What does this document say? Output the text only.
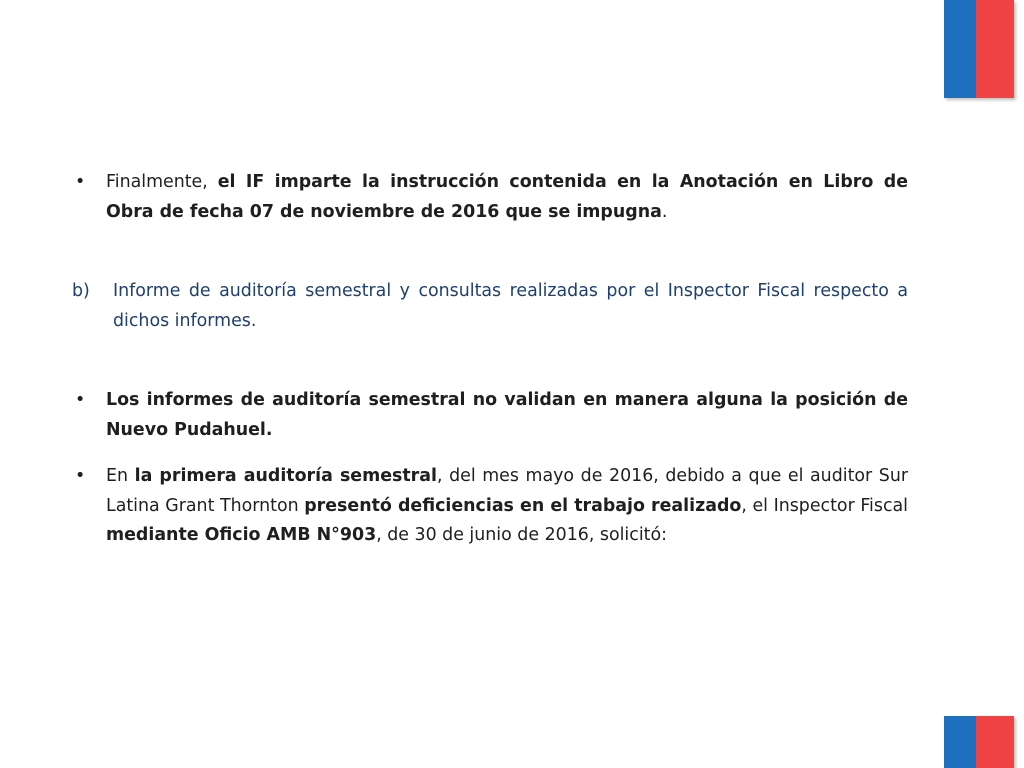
•	Finalmente, el IF imparte la instrucción contenida en la Anotación en Libro de Obra de fecha 07 de noviembre de 2016 que se impugna.
b)	Informe de auditoría semestral y consultas realizadas por el Inspector Fiscal respecto a dichos informes.
•	Los informes de auditoría semestral no validan en manera alguna la posición de Nuevo Pudahuel.
•	En la primera auditoría semestral, del mes mayo de 2016, debido a que el auditor Sur Latina Grant Thornton presentó deficiencias en el trabajo realizado, el Inspector Fiscal mediante Oficio AMB N°903, de 30 de junio de 2016, solicitó:
